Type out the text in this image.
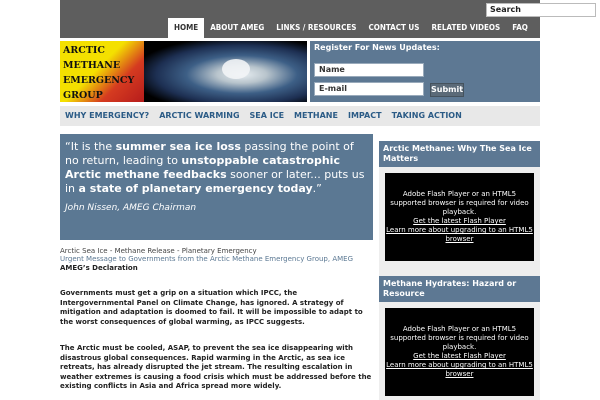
Search
HOME	ABOUT AMEG	LINKS / RESOURCES	CONTACT US	RELATED VIDEOS	FAQ	NEWS
ARCTIC
METHANE
EMERGENCY
GROUP
Register For News Updates:
Name
E-mail	Submit
WHY EMERGENCY?	ARCTIC WARMING	SEA ICE	METHANE	IMPACT	TAKING ACTION

“It is the summer sea ice loss passing the point of no return, leading to unstoppable catastrophic Arctic methane feedbacks sooner or later... puts us in a state of planetary emergency today.”

John Nissen, AMEG Chairman

Arctic Sea Ice - Methane Release - Planetary Emergency
Urgent Message to Governments from the Arctic Methane Emergency Group, AMEG
AMEG’s Declaration
Governments must get a grip on a situation which IPCC, the Intergovernmental Panel on Climate Change, has ignored. A strategy of mitigation and adaptation is doomed to fail. It will be impossible to adapt to the worst consequences of global warming, as IPCC suggests.
The Arctic must be cooled, ASAP, to prevent the sea ice disappearing with disastrous global consequences. Rapid warming in the Arctic, as sea ice retreats, has already disrupted the jet stream. The resulting escalation in weather extremes is causing a food crisis which must be addressed before the existing conflicts in Asia and Africa spread more widely.
Arctic Methane: Why The Sea Ice Matters
Adobe Flash Player or an HTML5 supported browser is required for video playback.
Get the latest Flash Player
Learn more about upgrading to an HTML5 browser
Methane Hydrates: Hazard or Resource
Adobe Flash Player or an HTML5 supported browser is required for video playback.
Get the latest Flash Player
Learn more about upgrading to an HTML5 browser
